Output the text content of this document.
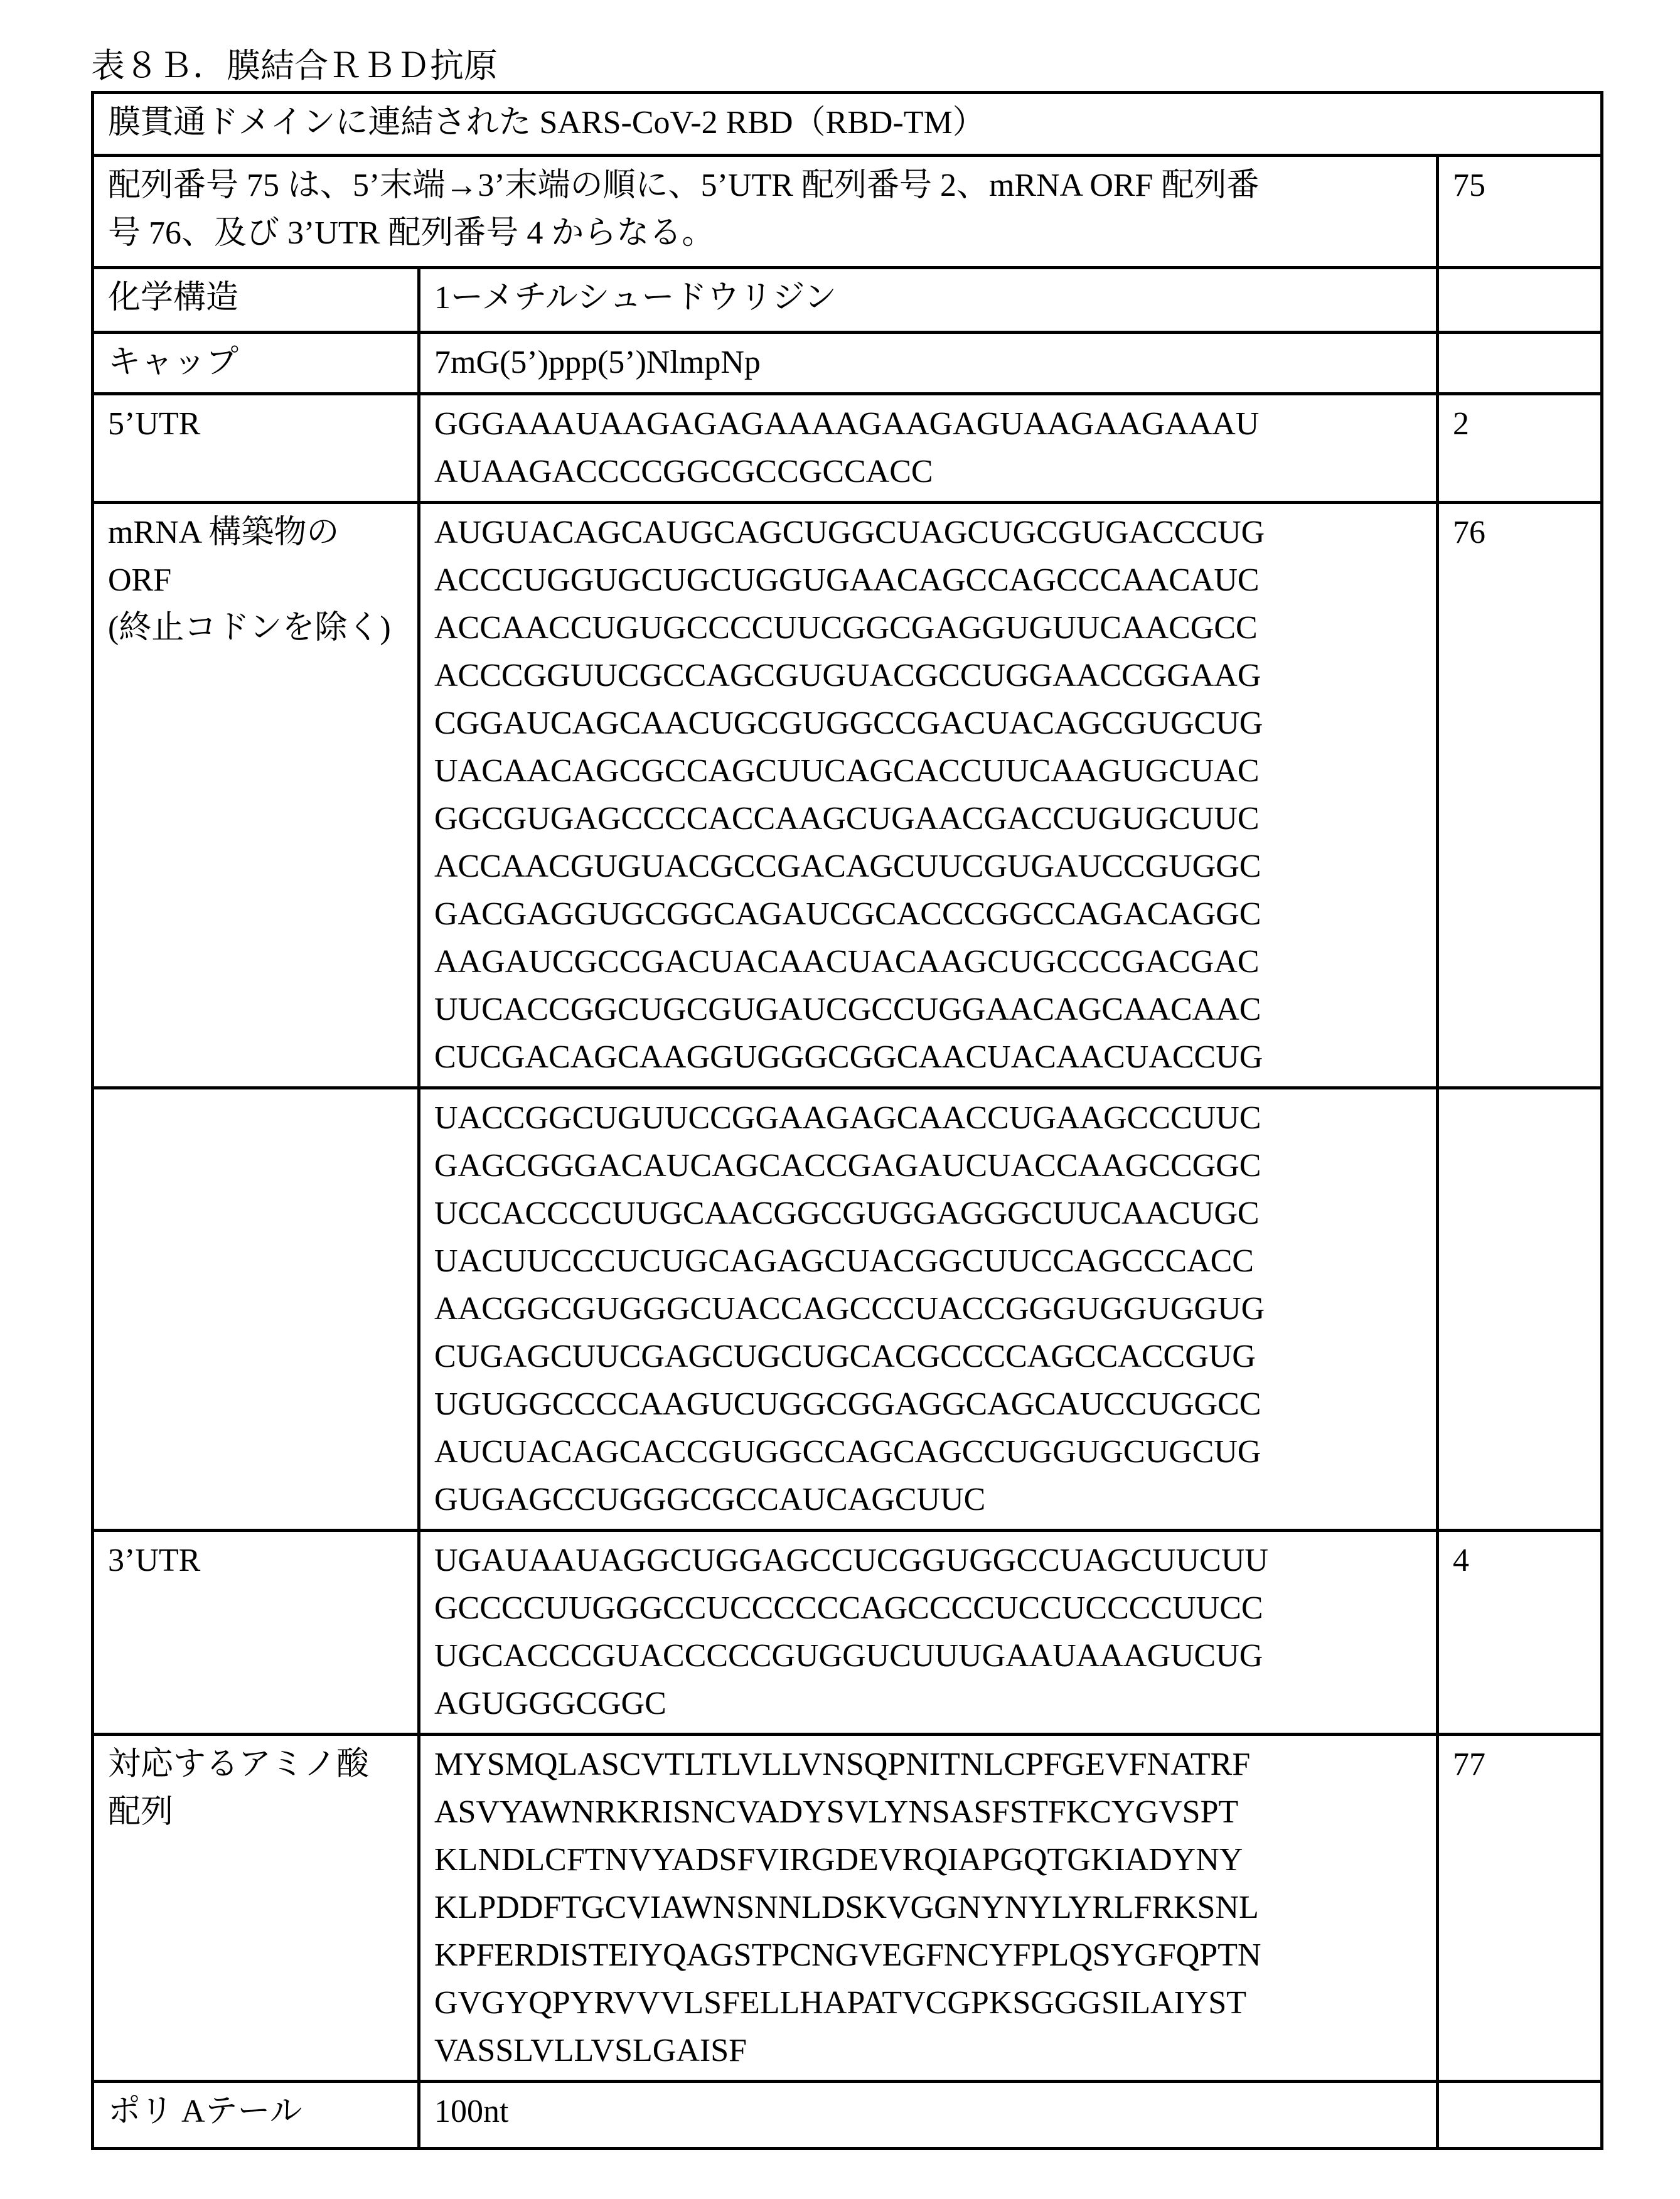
表８Ｂ．膜結合ＲＢＤ抗原
膜貫通ドメインに連結された SARS-CoV-2 RBD（RBD-TM）

配列番号 75 は、5’末端→3’末端の順に、5’UTR 配列番号 2、mRNA ORF 配列番
号 76、及び 3’UTR 配列番号 4 からなる。
	75

化学構造	1ーメチルシュードウリジン

キャップ	7mG(5’)ppp(5’)NlmpNp

5’UTR	GGGAAAUAAGAGAGAAAAGAAGAGUAAGAAGAAAU
AUAAGACCCCGGCGCCGCCACC
	2

mRNA 構築物の
ORF
(終止コドンを除く)

AUGUACAGCAUGCAGCUGGCUAGCUGCGUGACCCUG
ACCCUGGUGCUGCUGGUGAACAGCCAGCCCAACAUC
ACCAACCUGUGCCCCUUCGGCGAGGUGUUCAACGCC
ACCCGGUUCGCCAGCGUGUACGCCUGGAACCGGAAG
CGGAUCAGCAACUGCGUGGCCGACUACAGCGUGCUG
UACAACAGCGCCAGCUUCAGCACCUUCAAGUGCUAC
GGCGUGAGCCCCACCAAGCUGAACGACCUGUGCUUC
ACCAACGUGUACGCCGACAGCUUCGUGAUCCGUGGC
GACGAGGUGCGGCAGAUCGCACCCGGCCAGACAGGC
AAGAUCGCCGACUACAACUACAAGCUGCCCGACGAC
UUCACCGGCUGCGUGAUCGCCUGGAACAGCAACAAC
CUCGACAGCAAGGUGGGCGGCAACUACAACUACCUG
	76

UACCGGCUGUUCCGGAAGAGCAACCUGAAGCCCUUC
GAGCGGGACAUCAGCACCGAGAUCUACCAAGCCGGC
UCCACCCCUUGCAACGGCGUGGAGGGCUUCAACUGC
UACUUCCCUCUGCAGAGCUACGGCUUCCAGCCCACC
AACGGCGUGGGCUACCAGCCCUACCGGGUGGUGGUG
CUGAGCUUCGAGCUGCUGCACGCCCCAGCCACCGUG
UGUGGCCCCAAGUCUGGCGGAGGCAGCAUCCUGGCC
AUCUACAGCACCGUGGCCAGCAGCCUGGUGCUGCUG
GUGAGCCUGGGCGCCAUCAGCUUC

3’UTR	UGAUAAUAGGCUGGAGCCUCGGUGGCCUAGCUUCUU
GCCCCUUGGGCCUCCCCCCAGCCCCUCCUCCCCUUCC
UGCACCCGUACCCCCGUGGUCUUUGAAUAAAGUCUG
AGUGGGCGGC
	4

対応するアミノ酸
配列

MYSMQLASCVTLTLVLLVNSQPNITNLCPFGEVFNATRF
ASVYAWNRKRISNCVADYSVLYNSASFSTFKCYGVSPT
KLNDLCFTNVYADSFVIRGDEVRQIAPGQTGKIADYNY
KLPDDFTGCVIAWNSNNLDSKVGGNYNYLYRLFRKSNL
KPFERDISTEIYQAGSTPCNGVEGFNCYFPLQSYGFQPTN
GVGYQPYRVVVLSFELLHAPATVCGPKSGGGSILAIYST
VASSLVLLVSLGAISF
	77

ポリ Aテール	100nt
